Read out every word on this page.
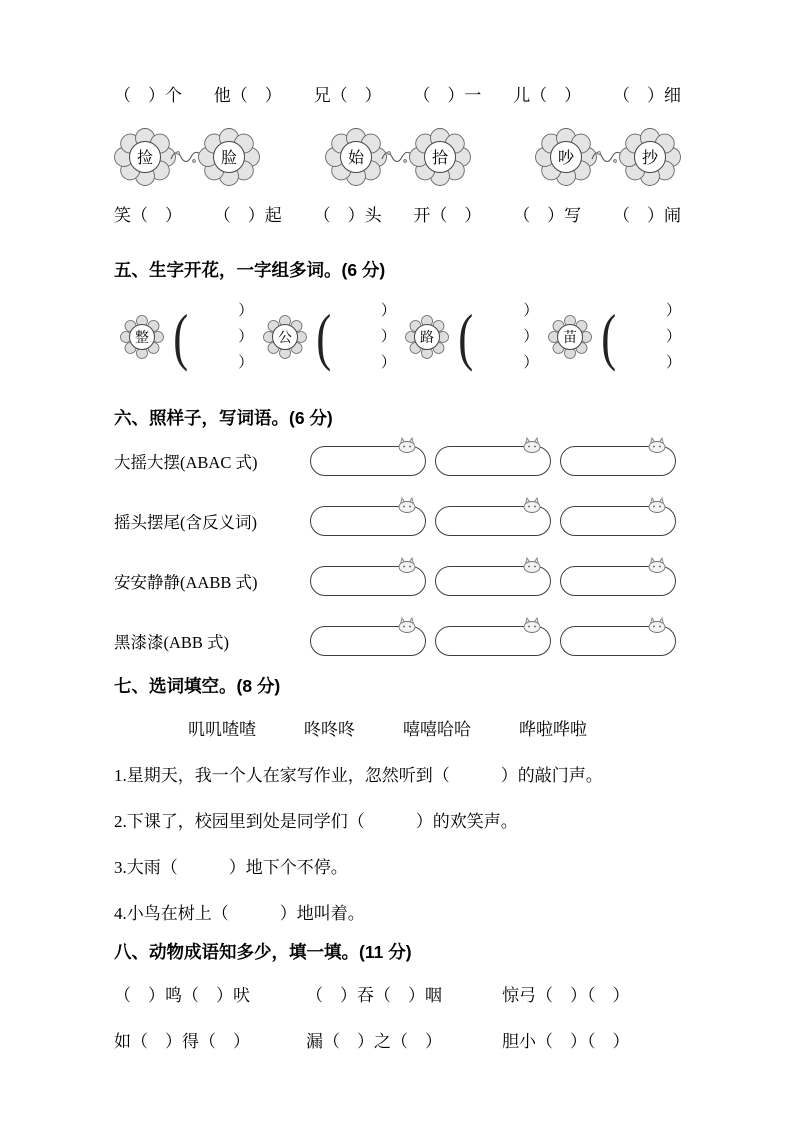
（　）个 他（　） 兄（　） （　）一 儿（　） （　）细
捡	脸	始	拾	吵	抄
笑（　） （　）起 （　）头 开（　） （　）写 （　）闹
五、生字开花，一字组多词。(6 分)
整 (	）
）
）
公 (	）
）
）
路 (	）
）
）
苗 (	）
）
）
六、照样子，写词语。(6 分)
大摇大摆(ABAC 式)
摇头摆尾(含反义词)
安安静静(AABB 式)
黑漆漆(ABB 式)
七、选词填空。(8 分)
叽叽喳喳	咚咚咚	嘻嘻哈哈	哗啦哗啦

1.星期天，我一个人在家写作业，忽然听到（　　　）的敲门声。

2.下课了，校园里到处是同学们（　　　）的欢笑声。

3.大雨（　　　）地下个不停。

4.小鸟在树上（　　　）地叫着。

八、动物成语知多少，填一填。(11 分)
（　）鸣（　）吠	（　）吞（　）咽	惊弓（　）（　）
如（　）得（　）	漏（　）之（　）	胆小（　）（　）
